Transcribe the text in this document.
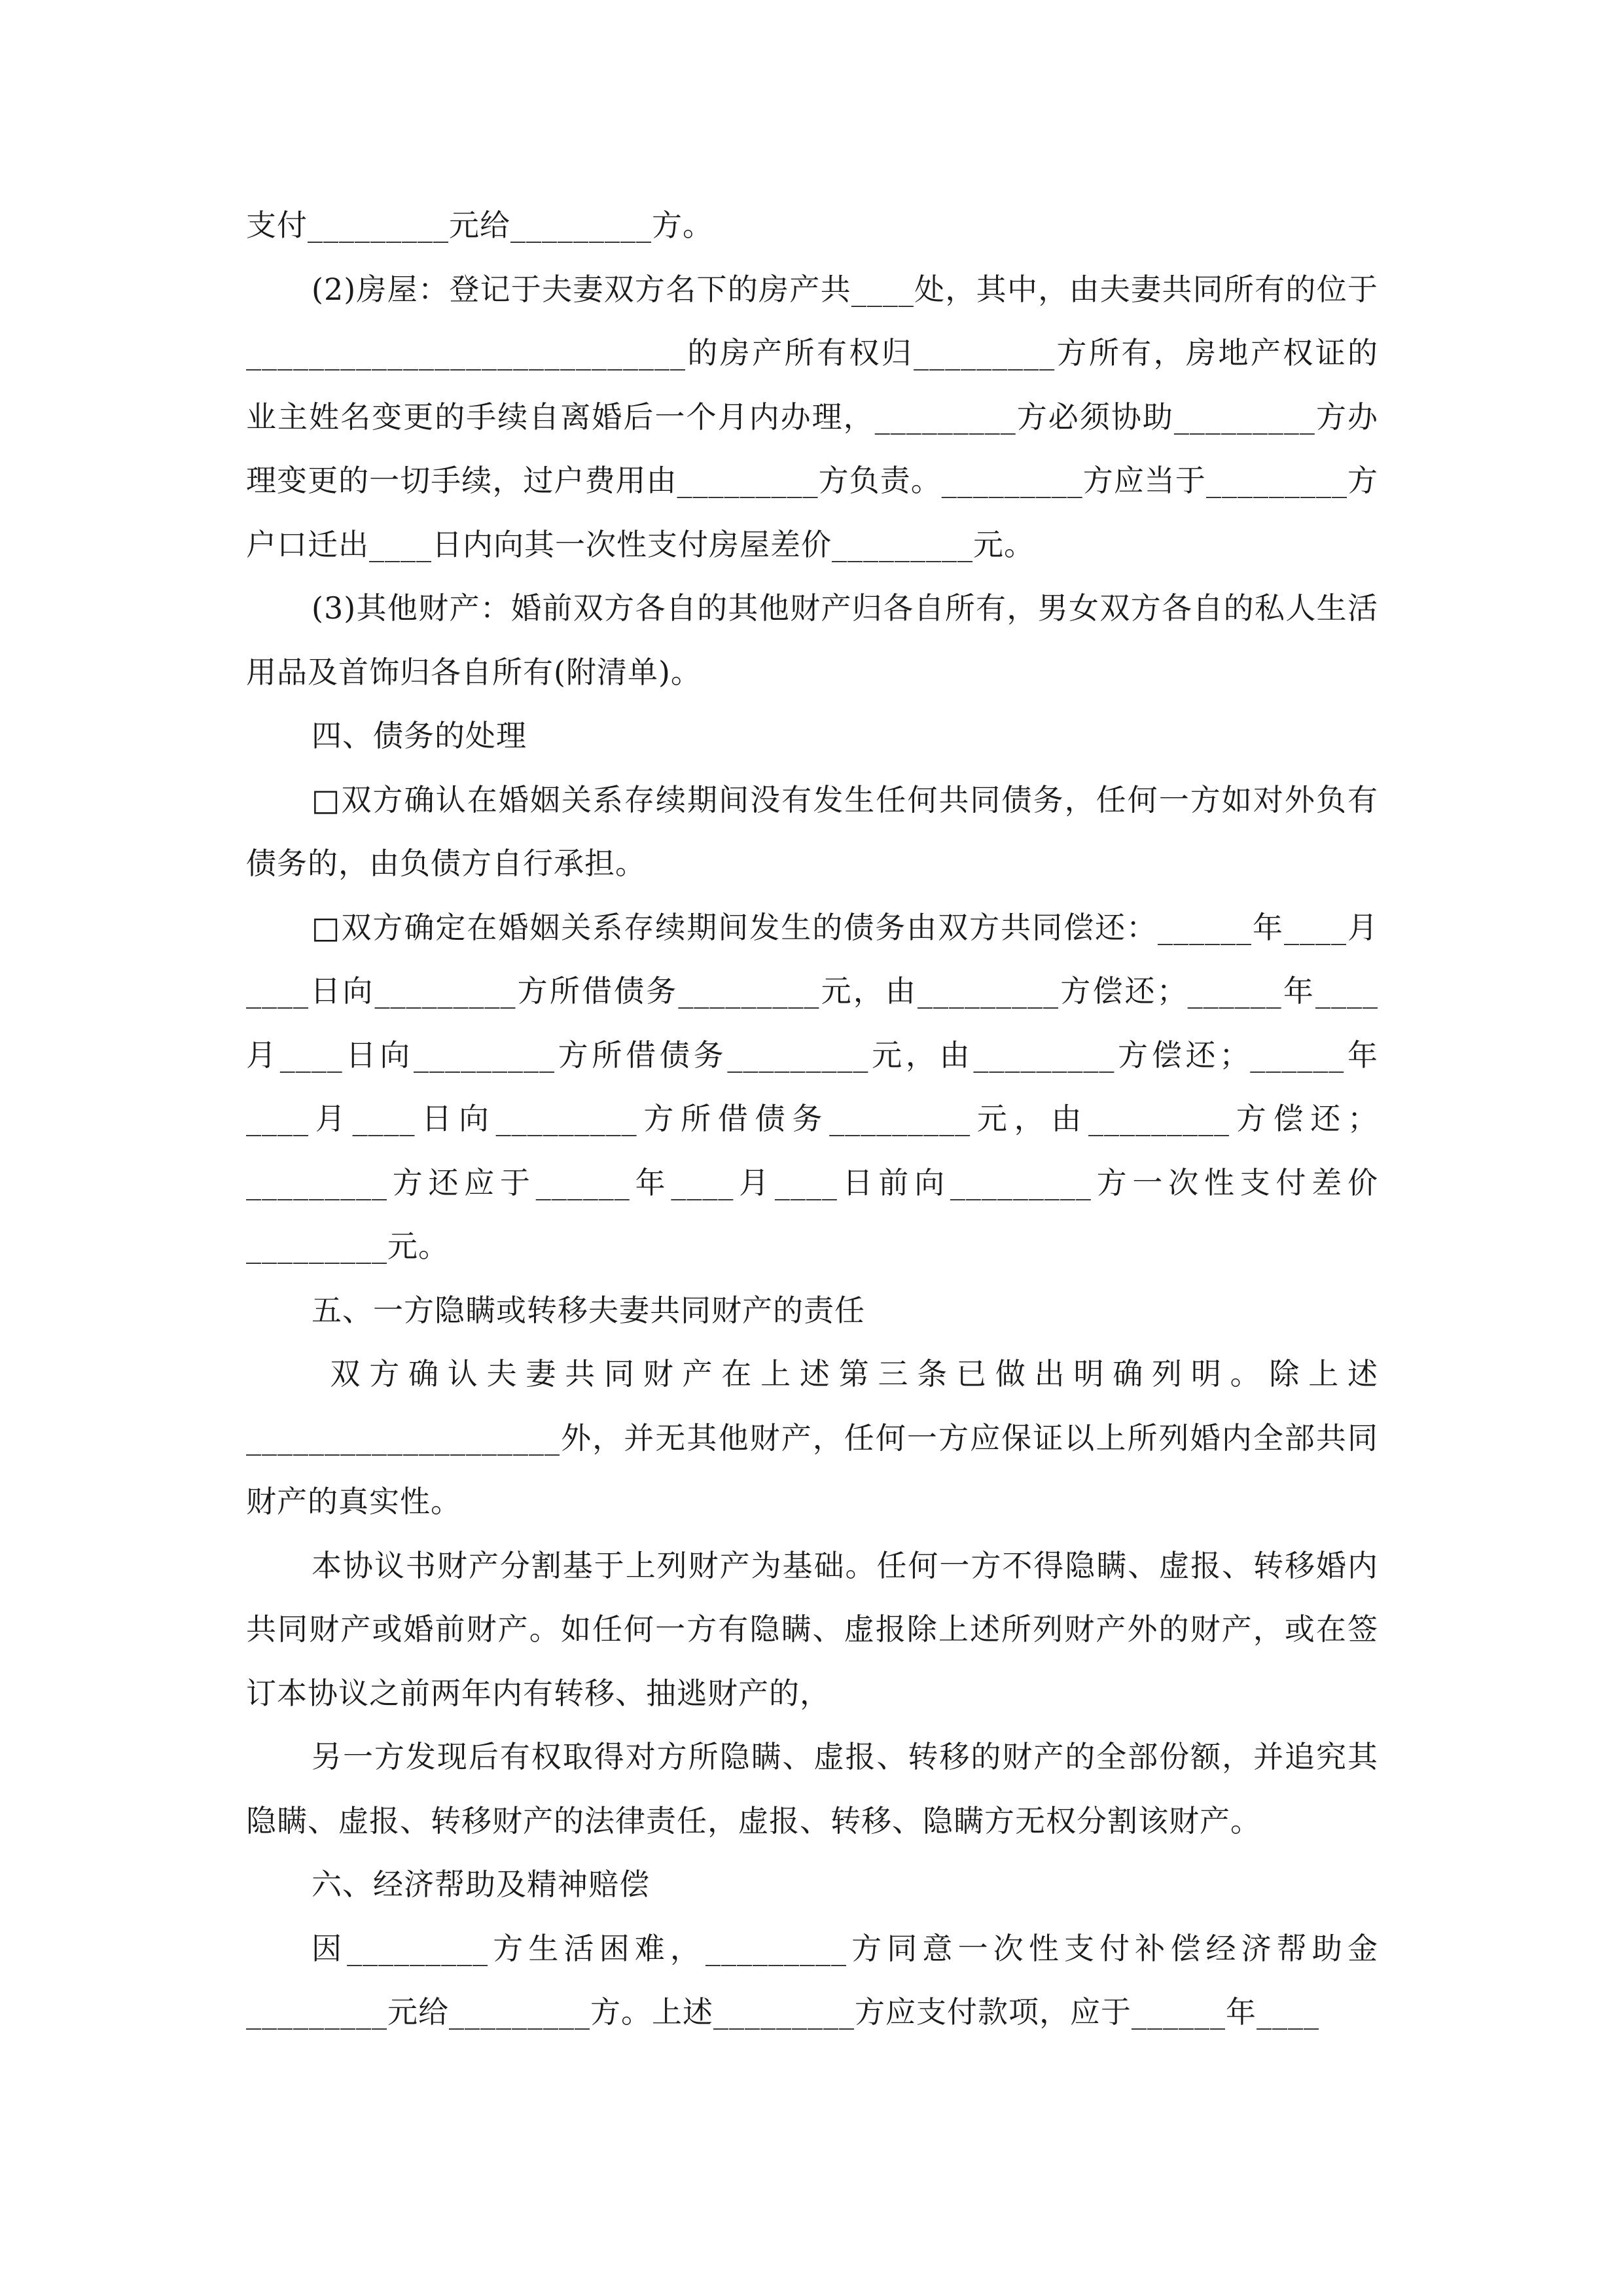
支付_________元给_________方。

(2)房屋：登记于夫妻双方名下的房产共____处，其中，由夫妻共同所有的位于____________________________的房产所有权归_________方所有，房地产权证的业主姓名变更的手续自离婚后一个月内办理，_________方必须协助_________方办理变更的一切手续，过户费用由_________方负责。_________方应当于_________方户口迁出____日内向其一次性支付房屋差价_________元。

(3)其他财产：婚前双方各自的其他财产归各自所有，男女双方各自的私人生活用品及首饰归各自所有(附清单)。

四、债务的处理

□双方确认在婚姻关系存续期间没有发生任何共同债务，任何一方如对外负有债务的，由负债方自行承担。

□双方确定在婚姻关系存续期间发生的债务由双方共同偿还：______年____月____日向_________方所借债务_________元，由_________方偿还；______年____月____日向_________方所借债务_________元，由_________方偿还；______年____月____日向_________方所借债务_________元，由_________方偿还；_________方还应于______年____月____日前向_________方一次性支付差价_________元。

五、一方隐瞒或转移夫妻共同财产的责任

双方确认夫妻共同财产在上述第三条已做出明确列明。除上述____________________外，并无其他财产，任何一方应保证以上所列婚内全部共同财产的真实性。

本协议书财产分割基于上列财产为基础。任何一方不得隐瞒、虚报、转移婚内共同财产或婚前财产。如任何一方有隐瞒、虚报除上述所列财产外的财产，或在签订本协议之前两年内有转移、抽逃财产的，

另一方发现后有权取得对方所隐瞒、虚报、转移的财产的全部份额，并追究其隐瞒、虚报、转移财产的法律责任，虚报、转移、隐瞒方无权分割该财产。

六、经济帮助及精神赔偿

因_________方生活困难，_________方同意一次性支付补偿经济帮助金_________元给_________方。上述_________方应支付款项，应于______年____
